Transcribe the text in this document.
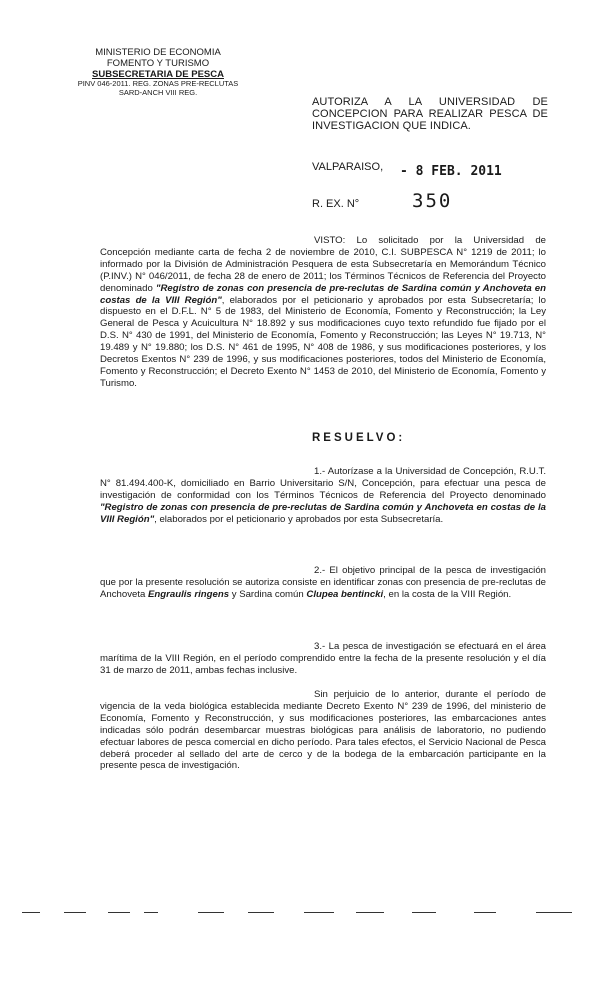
MINISTERIO DE ECONOMIA
FOMENTO Y TURISMO
SUBSECRETARIA DE PESCA
PINV 046-2011. REG. ZONAS PRE-RECLUTAS
SARD-ANCH VIII REG.
AUTORIZA A LA UNIVERSIDAD DE CONCEPCION PARA REALIZAR PESCA DE INVESTIGACION QUE INDICA.
VALPARAISO, - 8 FEB. 2011
R. EX. N°	350
VISTO: Lo solicitado por la Universidad de Concepción mediante carta de fecha 2 de noviembre de 2010, C.I. SUBPESCA N° 1219 de 2011; lo informado por la División de Administración Pesquera de esta Subsecretaría en Memorándum Técnico (P.INV.) N° 046/2011, de fecha 28 de enero de 2011; los Términos Técnicos de Referencia del Proyecto denominado "Registro de zonas con presencia de pre-reclutas de Sardina común y Anchoveta en costas de la VIII Región", elaborados por el peticionario y aprobados por esta Subsecretaría; lo dispuesto en el D.F.L. N° 5 de 1983, del Ministerio de Economía, Fomento y Reconstrucción; la Ley General de Pesca y Acuicultura N° 18.892 y sus modificaciones cuyo texto refundido fue fijado por el D.S. N° 430 de 1991, del Ministerio de Economía, Fomento y Reconstrucción; las Leyes N° 19.713, N° 19.489 y N° 19.880; los D.S. N° 461 de 1995, N° 408 de 1986, y sus modificaciones posteriores, y los Decretos Exentos N° 239 de 1996, y sus modificaciones posteriores, todos del Ministerio de Economía, Fomento y Reconstrucción; el Decreto Exento N° 1453 de 2010, del Ministerio de Economía, Fomento y Turismo.
RESUELVO:
1.- Autorízase a la Universidad de Concepción, R.U.T. N° 81.494.400-K, domiciliado en Barrio Universitario S/N, Concepción, para efectuar una pesca de investigación de conformidad con los Términos Técnicos de Referencia del Proyecto denominado "Registro de zonas con presencia de pre-reclutas de Sardina común y Anchoveta en costas de la VIII Región", elaborados por el peticionario y aprobados por esta Subsecretaría.
2.- El objetivo principal de la pesca de investigación que por la presente resolución se autoriza consiste en identificar zonas con presencia de pre-reclutas de Anchoveta Engraulis ringens y Sardina común Clupea bentincki, en la costa de la VIII Región.
3.- La pesca de investigación se efectuará en el área marítima de la VIII Región, en el período comprendido entre la fecha de la presente resolución y el día 31 de marzo de 2011, ambas fechas inclusive.
Sin perjuicio de lo anterior, durante el período de vigencia de la veda biológica establecida mediante Decreto Exento N° 239 de 1996, del ministerio de Economía, Fomento y Reconstrucción, y sus modificaciones posteriores, las embarcaciones antes indicadas sólo podrán desembarcar muestras biológicas para análisis de laboratorio, no pudiendo efectuar labores de pesca comercial en dicho período. Para tales efectos, el Servicio Nacional de Pesca deberá proceder al sellado del arte de cerco y de la bodega de la embarcación participante en la presente pesca de investigación.
